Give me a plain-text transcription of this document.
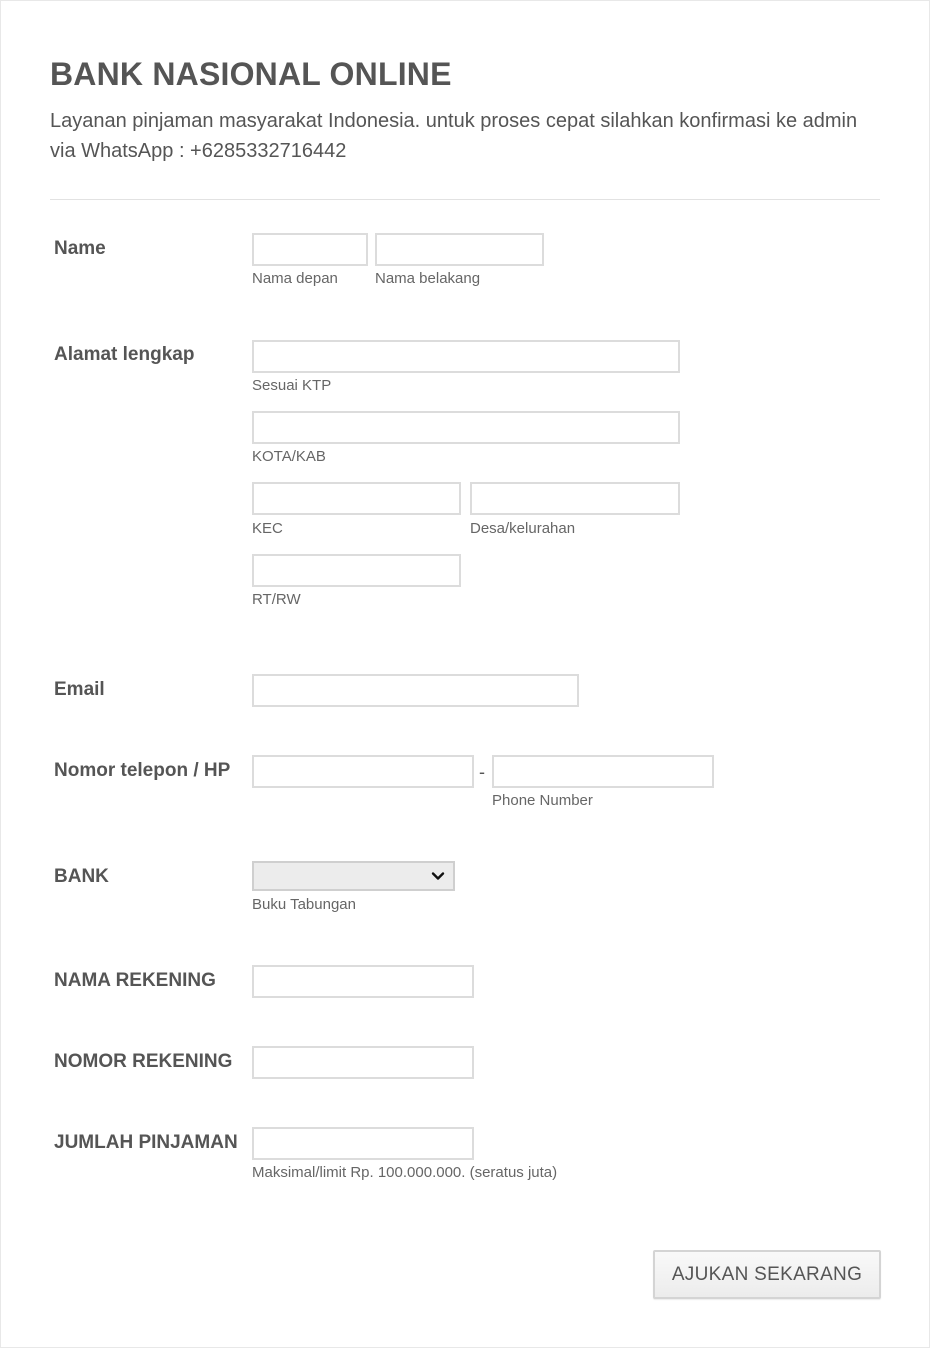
BANK NASIONAL ONLINE

Layanan pinjaman masyarakat Indonesia. untuk proses cepat silahkan konfirmasi ke admin via WhatsApp : +6285332716442

Name
Nama depan Nama belakang
Alamat lengkap
Sesuai KTP
KOTA/KAB
KEC	Desa/kelurahan
RT/RW
Email
Nomor telepon / HP	-
Phone Number
BANK
Buku Tabungan
NAMA REKENING
NOMOR REKENING
JUMLAH PINJAMAN
Maksimal/limit Rp. 100.000.000. (seratus juta)
AJUKAN SEKARANG
